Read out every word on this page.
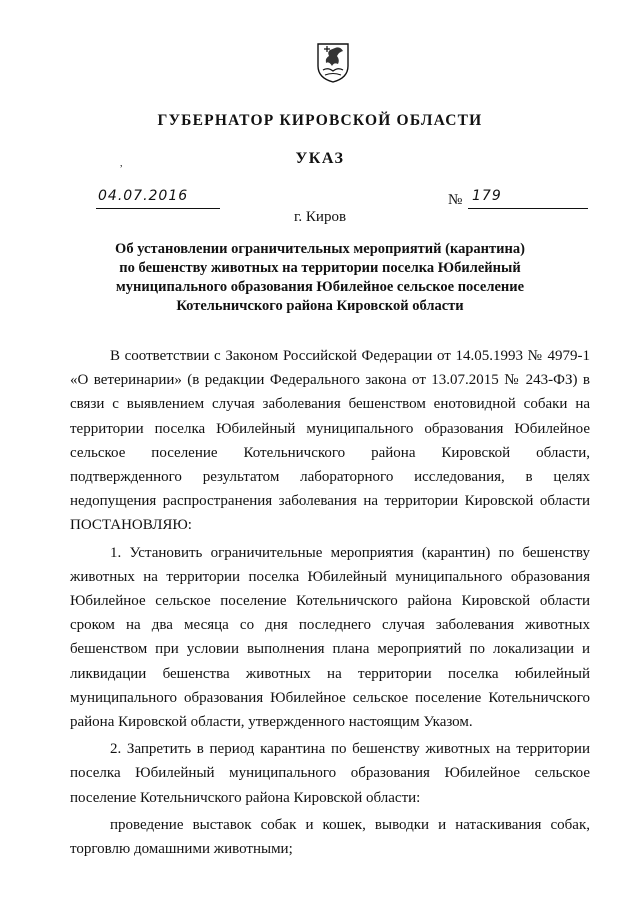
ГУБЕРНАТОР КИРОВСКОЙ ОБЛАСТИ
,	УКАЗ
04.07.2016	№ 179
г. Киров
Об установлении ограничительных мероприятий (карантина)
по бешенству животных на территории поселка Юбилейный
муниципального образования Юбилейное сельское поселение
Котельничского района Кировской области

В соответствии с Законом Российской Федерации от 14.05.1993 № 4979-1 «О ветеринарии» (в редакции Федерального закона от 13.07.2015 № 243-ФЗ) в связи с выявлением случая заболевания бешенством енотовидной собаки на территории поселка Юбилейный муниципального образования Юбилейное сельское поселение Котельничского района Кировской области, подтвержденного результатом лабораторного исследования, в целях недопущения распространения заболевания на территории Кировской области ПОСТАНОВЛЯЮ:

1. Установить ограничительные мероприятия (карантин) по бешенству животных на территории поселка Юбилейный муниципального образования Юбилейное сельское поселение Котельничского района Кировской области сроком на два месяца со дня последнего случая заболевания животных бешенством при условии выполнения плана мероприятий по локализации и ликвидации бешенства животных на территории поселка юбилейный муниципального образования Юбилейное сельское поселение Котельничского района Кировской области, утвержденного настоящим Указом.

2. Запретить в период карантина по бешенству животных на территории поселка Юбилейный муниципального образования Юбилейное сельское поселение Котельничского района Кировской области:

проведение выставок собак и кошек, выводки и натаскивания собак, торговлю домашними животными;
